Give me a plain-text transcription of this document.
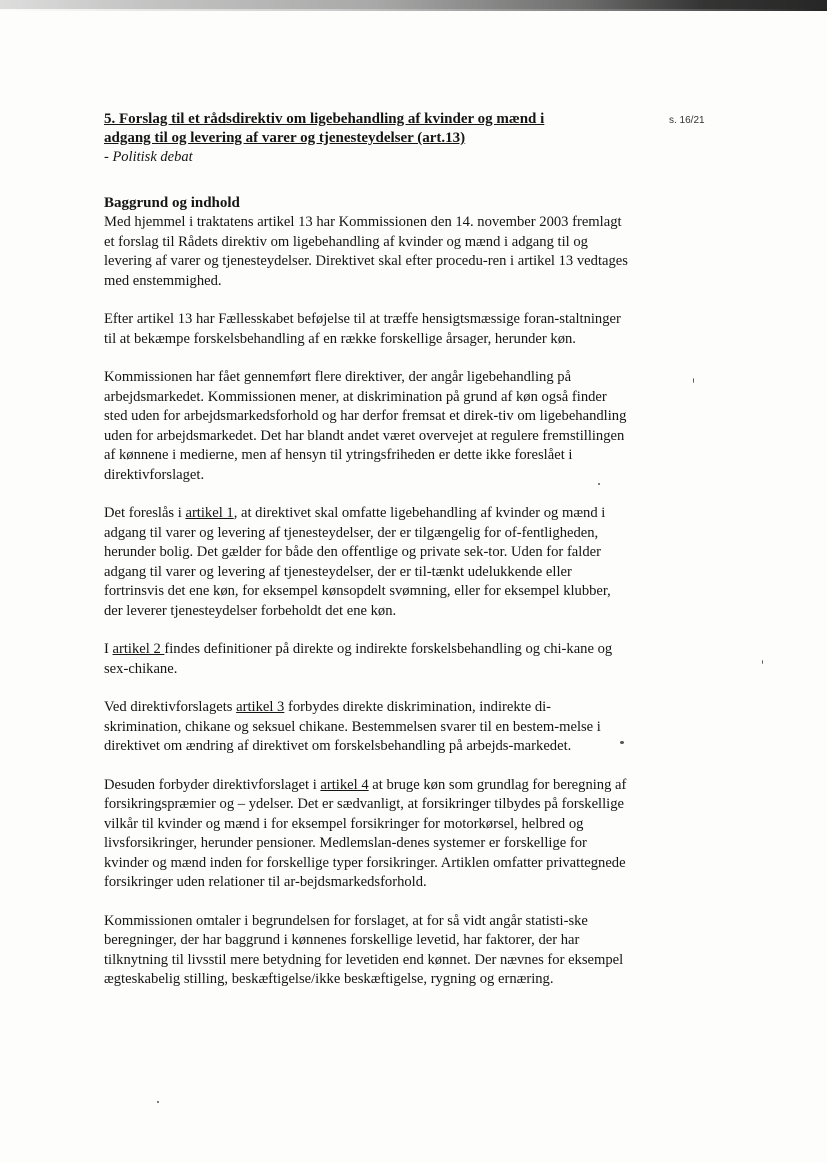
s. 16/21

5. Forslag til et rådsdirektiv om ligebehandling af kvinder og mænd i
adgang til og levering af varer og tjenesteydelser (art.13)

- Politisk debat

Baggrund og indhold

Med hjemmel i traktatens artikel 13 har Kommissionen den 14. november 2003 fremlagt et forslag til Rådets direktiv om ligebehandling af kvinder og mænd i adgang til og levering af varer og tjenesteydelser. Direktivet skal efter procedu-ren i artikel 13 vedtages med enstemmighed.

Efter artikel 13 har Fællesskabet beføjelse til at træffe hensigtsmæssige foran-staltninger til at bekæmpe forskelsbehandling af en række forskellige årsager, herunder køn.

Kommissionen har fået gennemført flere direktiver, der angår ligebehandling på arbejdsmarkedet. Kommissionen mener, at diskrimination på grund af køn også finder sted uden for arbejdsmarkedsforhold og har derfor fremsat et direk-tiv om ligebehandling uden for arbejdsmarkedet. Det har blandt andet været overvejet at regulere fremstillingen af kønnene i medierne, men af hensyn til ytringsfriheden er dette ikke foreslået i direktivforslaget.

Det foreslås i artikel 1, at direktivet skal omfatte ligebehandling af kvinder og mænd i adgang til varer og levering af tjenesteydelser, der er tilgængelig for of-fentligheden, herunder bolig. Det gælder for både den offentlige og private sek-tor. Uden for falder adgang til varer og levering af tjenesteydelser, der er til-tænkt udelukkende eller fortrinsvis det ene køn, for eksempel kønsopdelt svømning, eller for eksempel klubber, der leverer tjenesteydelser forbeholdt det ene køn.

I artikel 2 findes definitioner på direkte og indirekte forskelsbehandling og chi-kane og sex-chikane.

Ved direktivforslagets artikel 3 forbydes direkte diskrimination, indirekte di-skrimination, chikane og seksuel chikane. Bestemmelsen svarer til en bestem-melse i direktivet om ændring af direktivet om forskelsbehandling på arbejds-markedet.

Desuden forbyder direktivforslaget i artikel 4 at bruge køn som grundlag for beregning af forsikringspræmier og – ydelser. Det er sædvanligt, at forsikringer tilbydes på forskellige vilkår til kvinder og mænd i for eksempel forsikringer for motorkørsel, helbred og livsforsikringer, herunder pensioner. Medlemslan-denes systemer er forskellige for kvinder og mænd inden for forskellige typer forsikringer. Artiklen omfatter privattegnede forsikringer uden relationer til ar-bejdsmarkedsforhold.

Kommissionen omtaler i begrundelsen for forslaget, at for så vidt angår statisti-ske beregninger, der har baggrund i kønnenes forskellige levetid, har faktorer, der har tilknytning til livsstil mere betydning for levetiden end kønnet. Der nævnes for eksempel ægteskabelig stilling, beskæftigelse/ikke beskæftigelse, rygning og ernæring.
